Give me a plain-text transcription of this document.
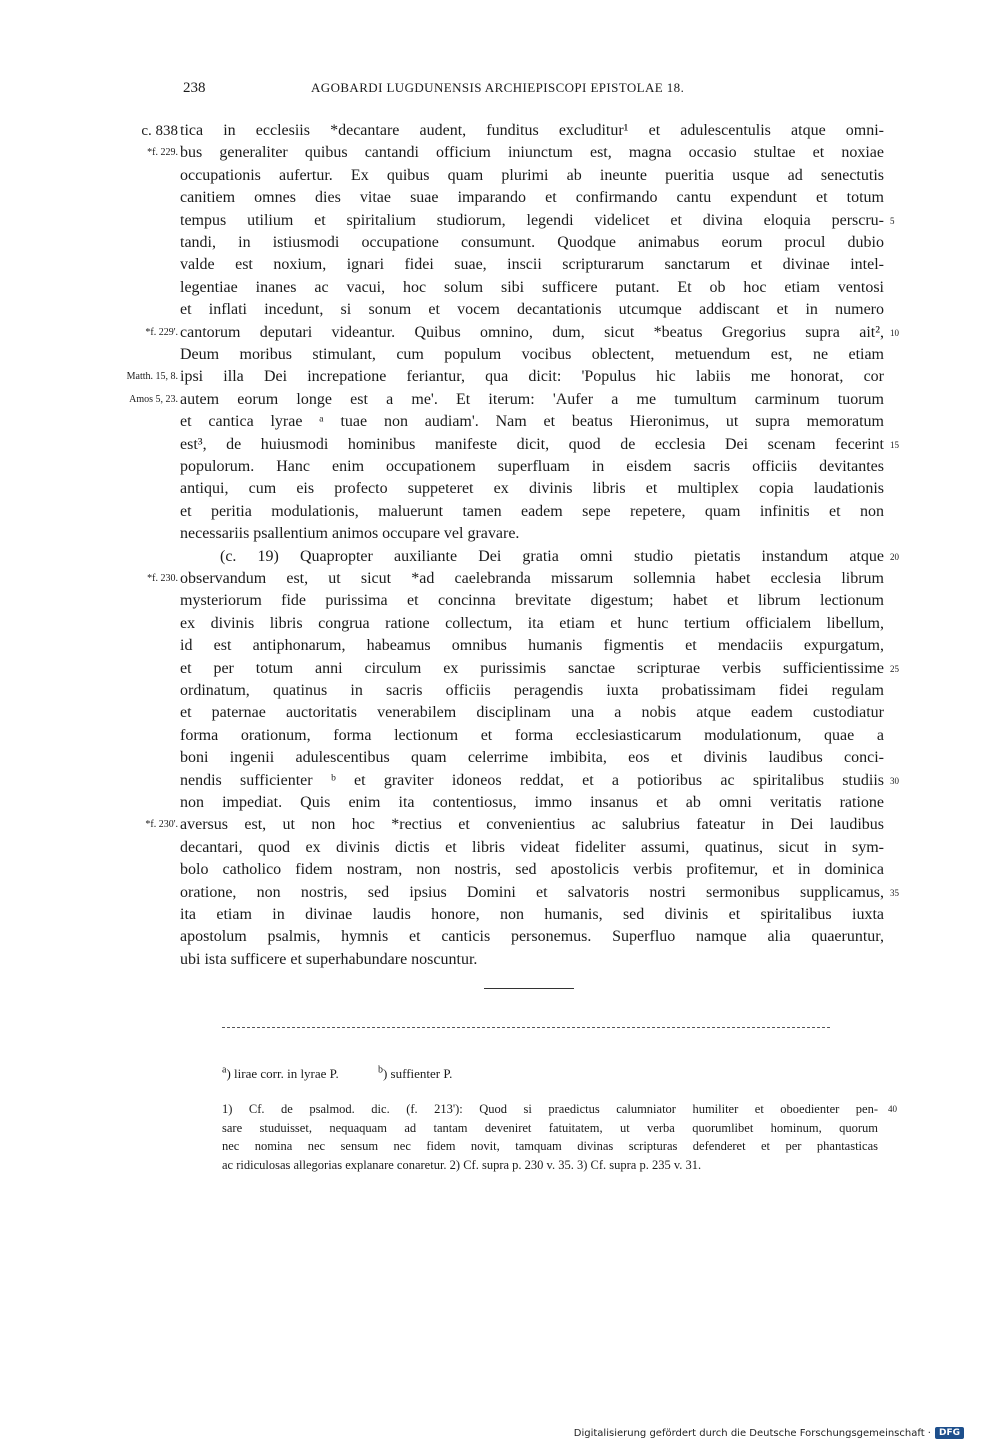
238	AGOBARDI LUGDUNENSIS ARCHIEPISCOPI EPISTOLAE 18.
tica in ecclesiis *decantare audent, funditus excluditur¹ et adulescentulis atque omni-
c. 838
bus generaliter quibus cantandi officium iniunctum est, magna occasio stultae et noxiae
*f. 229.
occupationis aufertur. Ex quibus quam plurimi ab ineunte pueritia usque ad senectutis
canitiem omnes dies vitae suae imparando et confirmando cantu expendunt et totum
tempus utilium et spiritalium studiorum, legendi videlicet et divina eloquia perscru- 5
tandi, in istiusmodi occupatione consumunt. Quodque animabus eorum procul dubio
valde est noxium, ignari fidei suae, inscii scripturarum sanctarum et divinae intel-
legentiae inanes ac vacui, hoc solum sibi sufficere putant. Et ob hoc etiam ventosi
et inflati incedunt, si sonum et vocem decantationis utcumque addiscant et in numero
cantorum deputari videantur. Quibus omnino, dum, sicut *beatus Gregorius supra ait²,
*f. 229'.	10
Deum moribus stimulant, cum populum vocibus oblectent, metuendum est, ne etiam
ipsi illa Dei increpatione feriantur, qua dicit: 'Populus hic labiis me honorat, cor
Matth. 15, 8.
autem eorum longe est a me'. Et iterum: 'Aufer a me tumultum carminum tuorum
Amos 5, 23.
et cantica lyrae ᵃ tuae non audiam'. Nam et beatus Hieronimus, ut supra memoratum
est³, de huiusmodi hominibus manifeste dicit, quod de ecclesia Dei scenam fecerint 15
populorum. Hanc enim occupationem superfluam in eisdem sacris officiis devitantes
antiqui, cum eis profecto suppeteret ex divinis libris et multiplex copia laudationis
et peritia modulationis, maluerunt tamen eadem sepe repetere, quam infinitis et non
necessariis psallentium animos occupare vel gravare.
(c. 19) Quapropter auxiliante Dei gratia omni studio pietatis instandum atque 20
observandum est, ut sicut *ad caelebranda missarum sollemnia habet ecclesia librum
*f. 230.
mysteriorum fide purissima et concinna brevitate digestum; habet et librum lectionum
ex divinis libris congrua ratione collectum, ita etiam et hunc tertium officialem libellum,
id est antiphonarum, habeamus omnibus humanis figmentis et mendaciis expurgatum,
et per totum anni circulum ex purissimis sanctae scripturae verbis sufficientissime 25
ordinatum, quatinus in sacris officiis peragendis iuxta probatissimam fidei regulam
et paternae auctoritatis venerabilem disciplinam una a nobis atque eadem custodiatur
forma orationum, forma lectionum et forma ecclesiasticarum modulationum, quae a
boni ingenii adulescentibus quam celerrime imbibita, eos et divinis laudibus conci-
nendis sufficienter ᵇ et graviter idoneos reddat, et a potioribus ac spiritalibus studiis 30
non impediat. Quis enim ita contentiosus, immo insanus et ab omni veritatis ratione
aversus est, ut non hoc *rectius et convenientius ac salubrius fateatur in Dei laudibus
*f. 230'.
decantari, quod ex divinis dictis et libris videat fideliter assumi, quatinus, sicut in sym-
bolo catholico fidem nostram, non nostris, sed apostolicis verbis profitemur, et in dominica
oratione, non nostris, sed ipsius Domini et salvatoris nostri sermonibus supplicamus, 35
ita etiam in divinae laudis honore, non humanis, sed divinis et spiritalibus iuxta
apostolum psalmis, hymnis et canticis personemus. Superfluo namque alia quaeruntur,
ubi ista sufficere et superhabundare noscuntur.
$^a$) lirae corr. in lyrae P.	$^b$) suffienter P.
1) Cf. de psalmod. dic. (f. 213'): Quod si praedictus calumniator humiliter et oboedienter pen- 40
sare studuisset, nequaquam ad tantam deveniret fatuitatem, ut verba quorumlibet hominum, quorum
nec nomina nec sensum nec fidem novit, tamquam divinas scripturas defenderet et per phantasticas
ac ridiculosas allegorias explanare conaretur. 2) Cf. supra p. 230 v. 35. 3) Cf. supra p. 235 v. 31.
Digitalisierung gefördert durch die Deutsche Forschungsgemeinschaft · DFG
